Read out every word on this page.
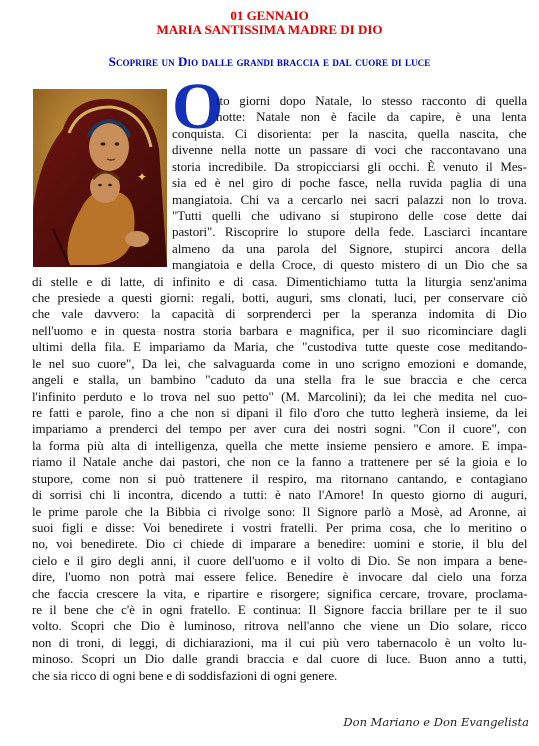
01 GENNAIO
MARIA SANTISSIMA MADRE DI DIO
Scoprire un Dio dalle grandi braccia e dal cuore di luce
✦
O
tto giorni dopo Natale, lo stesso racconto di quella
notte: Natale non è facile da capire, è una lenta
conquista. Ci disorienta: per la nascita, quella nascita, che
divenne nella notte un passare di voci che raccontavano una
storia incredibile. Da stropicciarsi gli occhi. È venuto il Mes-
sia ed è nel giro di poche fasce, nella ruvida paglia di una
mangiatoia. Chi va a cercarlo nei sacri palazzi non lo trova.
"Tutti quelli che udivano si stupirono delle cose dette dai
pastori". Riscoprire lo stupore della fede. Lasciarci incantare
almeno da una parola del Signore, stupirci ancora della
mangiatoia e della Croce, di questo mistero di un Dio che sa
di stelle e di latte, di infinito e di casa. Dimentichiamo tutta la liturgia senz'anima
che presiede a questi giorni: regali, botti, auguri, sms clonati, luci, per conservare ciò
che vale davvero: la capacità di sorprenderci per la speranza indomita di Dio
nell'uomo e in questa nostra storia barbara e magnifica, per il suo ricominciare dagli
ultimi della fila. E impariamo da Maria, che "custodiva tutte queste cose meditando-
le nel suo cuore", Da lei, che salvaguarda come in uno scrigno emozioni e domande,
angeli e stalla, un bambino "caduto da una stella fra le sue braccia e che cerca
l'infinito perduto e lo trova nel suo petto" (M. Marcolini); da lei che medita nel cuo-
re fatti e parole, fino a che non si dipani il filo d'oro che tutto legherà insieme, da lei
impariamo a prenderci del tempo per aver cura dei nostri sogni. "Con il cuore", con
la forma più alta di intelligenza, quella che mette insieme pensiero e amore. E impa-
riamo il Natale anche dai pastori, che non ce la fanno a trattenere per sé la gioia e lo
stupore, come non si può trattenere il respiro, ma ritornano cantando, e contagiano
di sorrisi chi li incontra, dicendo a tutti: è nato l'Amore! In questo giorno di auguri,
le prime parole che la Bibbia ci rivolge sono: Il Signore parlò a Mosè, ad Aronne, ai
suoi figli e disse: Voi benedirete i vostri fratelli. Per prima cosa, che lo meritino o
no, voi benedirete. Dio ci chiede di imparare a benedire: uomini e storie, il blu del
cielo e il giro degli anni, il cuore dell'uomo e il volto di Dio. Se non impara a bene-
dire, l'uomo non potrà mai essere felice. Benedire è invocare dal cielo una forza
che faccia crescere la vita, e ripartire e risorgere; significa cercare, trovare, proclama-
re il bene che c'è in ogni fratello. E continua: Il Signore faccia brillare per te il suo
volto. Scopri che Dio è luminoso, ritrova nell'anno che viene un Dio solare, ricco
non di troni, di leggi, di dichiarazioni, ma il cui più vero tabernacolo è un volto lu-
minoso. Scopri un Dio dalle grandi braccia e dal cuore di luce. Buon anno a tutti,
che sia ricco di ogni bene e di soddisfazioni di ogni genere.
Don Mariano e Don Evangelista
